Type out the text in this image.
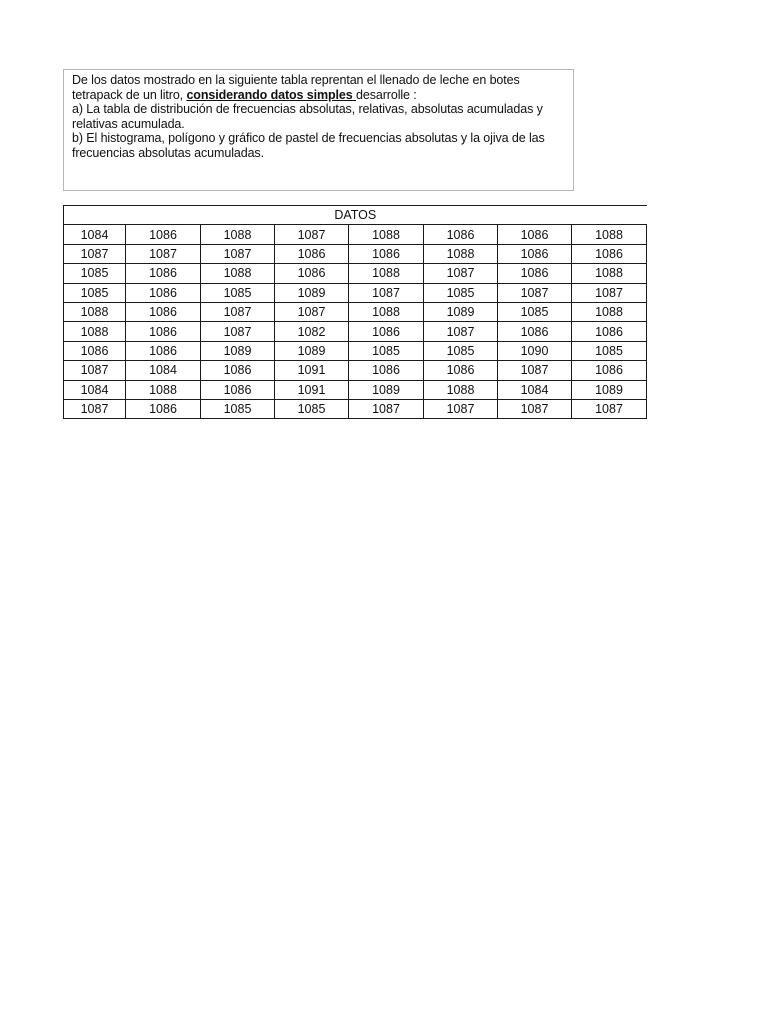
De los datos mostrado en la siguiente tabla reprentan el llenado de leche en botes

tetrapack de un litro, considerando datos simples desarrolle :

a) La tabla de distribución de frecuencias absolutas, relativas, absolutas acumuladas y

relativas acumulada.

b) El histograma, polígono y gráfico de pastel de frecuencias absolutas y la ojiva de las

frecuencias absolutas acumuladas.

DATOS							
1084	1086	1088	1087	1088	1086	1086	1088
1087	1087	1087	1086	1086	1088	1086	1086
1085	1086	1088	1086	1088	1087	1086	1088
1085	1086	1085	1089	1087	1085	1087	1087
1088	1086	1087	1087	1088	1089	1085	1088
1088	1086	1087	1082	1086	1087	1086	1086
1086	1086	1089	1089	1085	1085	1090	1085
1087	1084	1086	1091	1086	1086	1087	1086
1084	1088	1086	1091	1089	1088	1084	1089
1087	1086	1085	1085	1087	1087	1087	1087
